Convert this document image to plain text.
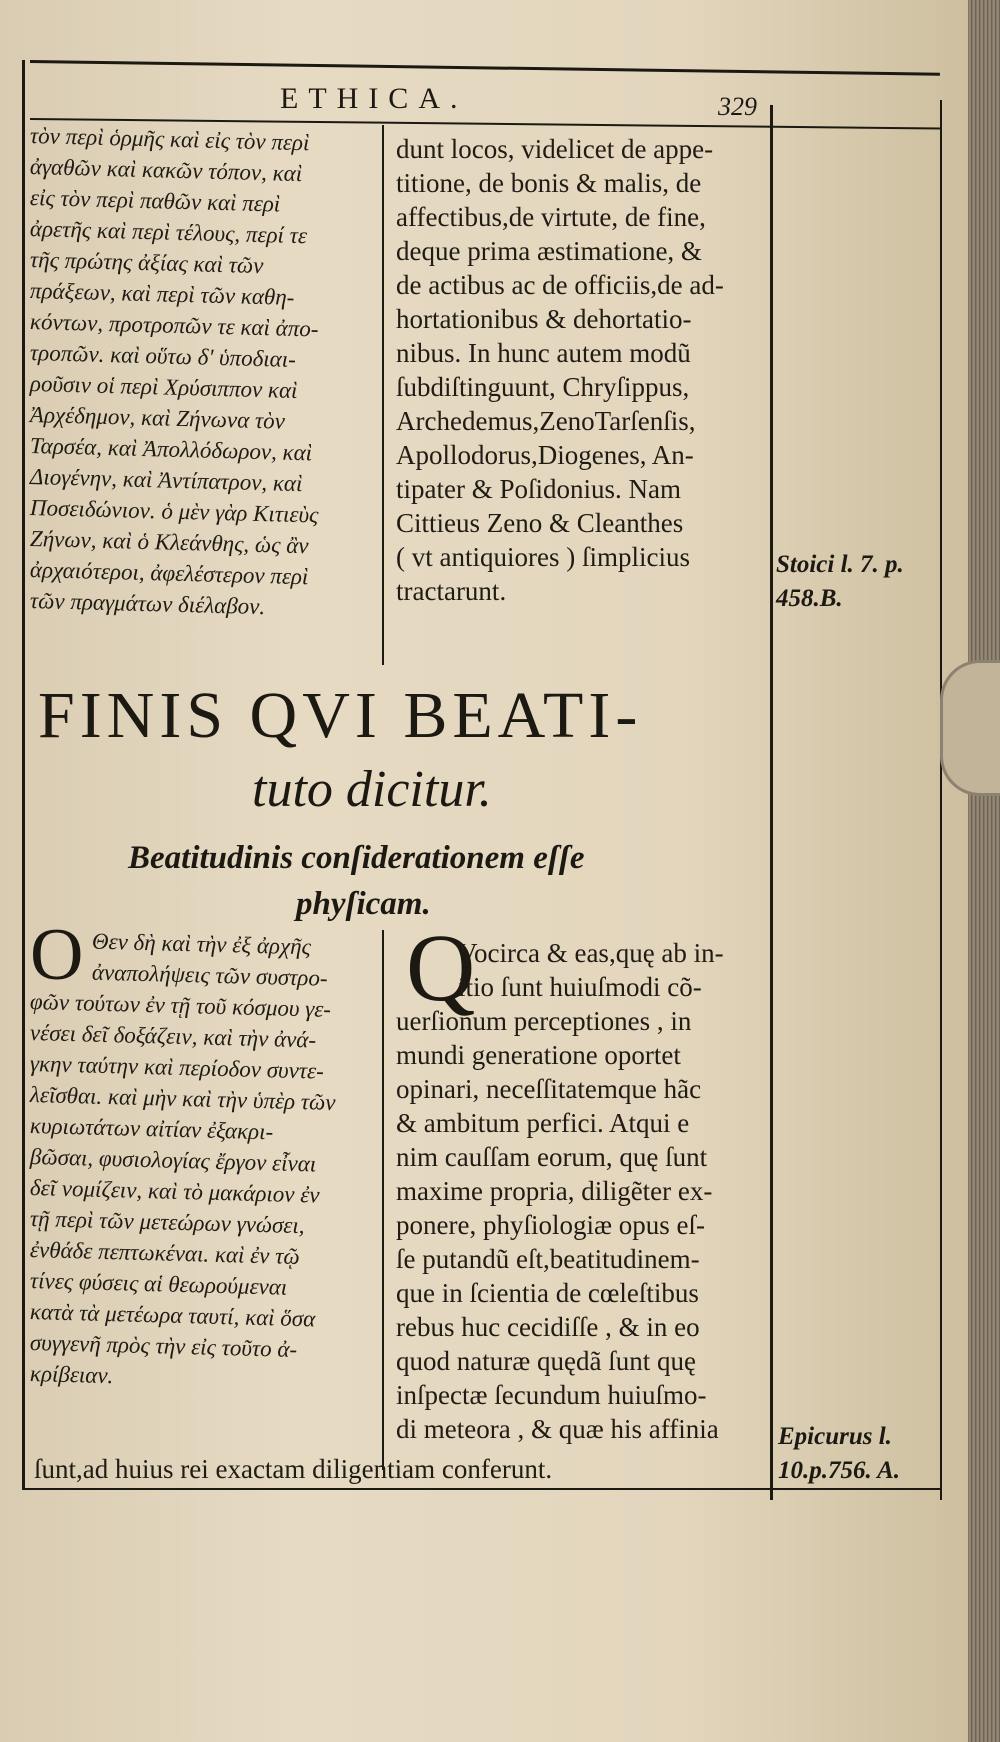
ETHICA.	329
τὸν περὶ ὁρμῆς καὶ εἰς τὸν περὶ
ἀγαθῶν καὶ κακῶν τόπον, καὶ
εἰς τὸν περὶ παθῶν καὶ περὶ
ἀρετῆς καὶ περὶ τέλους, περί τε
τῆς πρώτης ἀξίας καὶ τῶν
πράξεων, καὶ περὶ τῶν καθη-
κόντων, προτροπῶν τε καὶ ἀπο-
τροπῶν. καὶ οὕτω δ' ὑποδιαι-
ροῦσιν οἱ περὶ Χρύσιππον καὶ
Ἀρχέδημον, καὶ Ζήνωνα τὸν
Ταρσέα, καὶ Ἀπολλόδωρον, καὶ
Διογένην, καὶ Ἀντίπατρον, καὶ
Ποσειδώνιον. ὁ μὲν γὰρ Κιτιεὺς
Ζήνων, καὶ ὁ Κλεάνθης, ὡς ἂν
ἀρχαιότεροι, ἀφελέστερον περὶ
τῶν πραγμάτων διέλαβον.
dunt locos, videlicet de appe-
titione, de bonis & malis, de
affectibus,de virtute, de fine,
deque prima æstimatione, &
de actibus ac de officiis,de ad-
hortationibus & dehortatio-
nibus. In hunc autem modũ
ſubdiſtinguunt, Chryſippus,
Archedemus,ZenoTarſenſis,
Apollodorus,Diogenes, An-
tipater & Poſidonius. Nam
Cittieus Zeno & Cleanthes
( vt antiquiores ) ſimplicius
tractarunt.
Stoici l. 7. p.
458.B.
FINIS QVI BEATI-
tuto dicitur.
Beatitudinis conſiderationem eſſe
phyſicam.
Ο Θεν δὴ καὶ τὴν ἐξ ἀρχῆς
ἀναπολήψεις τῶν συστρο-
φῶν τούτων ἐν τῇ τοῦ κόσμου γε-
νέσει δεῖ δοξάζειν, καὶ τὴν ἀνά-
γκην ταύτην καὶ περίοδον συντε-
λεῖσθαι. καὶ μὴν καὶ τὴν ὑπὲρ τῶν
κυριωτάτων αἰτίαν ἐξακρι-
βῶσαι, φυσιολογίας ἔργον εἶναι
δεῖ νομίζειν, καὶ τὸ μακάριον ἐν
τῇ περὶ τῶν μετεώρων γνώσει,
ἐνθάδε πεπτωκέναι. καὶ ἐν τῷ
τίνες φύσεις αἱ θεωρούμεναι
κατὰ τὰ μετέωρα ταυτί, καὶ ὅσα
συγγενῆ πρὸς τὴν εἰς τοῦτο ἀ-
κρίβειαν.
Q
Vocirca & eas,quę ab in-
itio ſunt huiuſmodi cõ-
uerſionum perceptiones , in
mundi generatione oportet
opinari, neceſſitatemque hãc
& ambitum perfici. Atqui e
nim cauſſam eorum, quę ſunt
maxime propria, diligẽter ex-
ponere, phyſiologiæ opus eſ-
ſe putandũ eſt,beatitudinem-
que in ſcientia de cœleſtibus
rebus huc cecidiſſe , & in eo
quod naturæ quędã ſunt quę
inſpectæ ſecundum huiuſmo-
di meteora , & quæ his affinia
ſunt,ad huius rei exactam diligentiam conferunt.
Epicurus l.
10.p.756. A.
